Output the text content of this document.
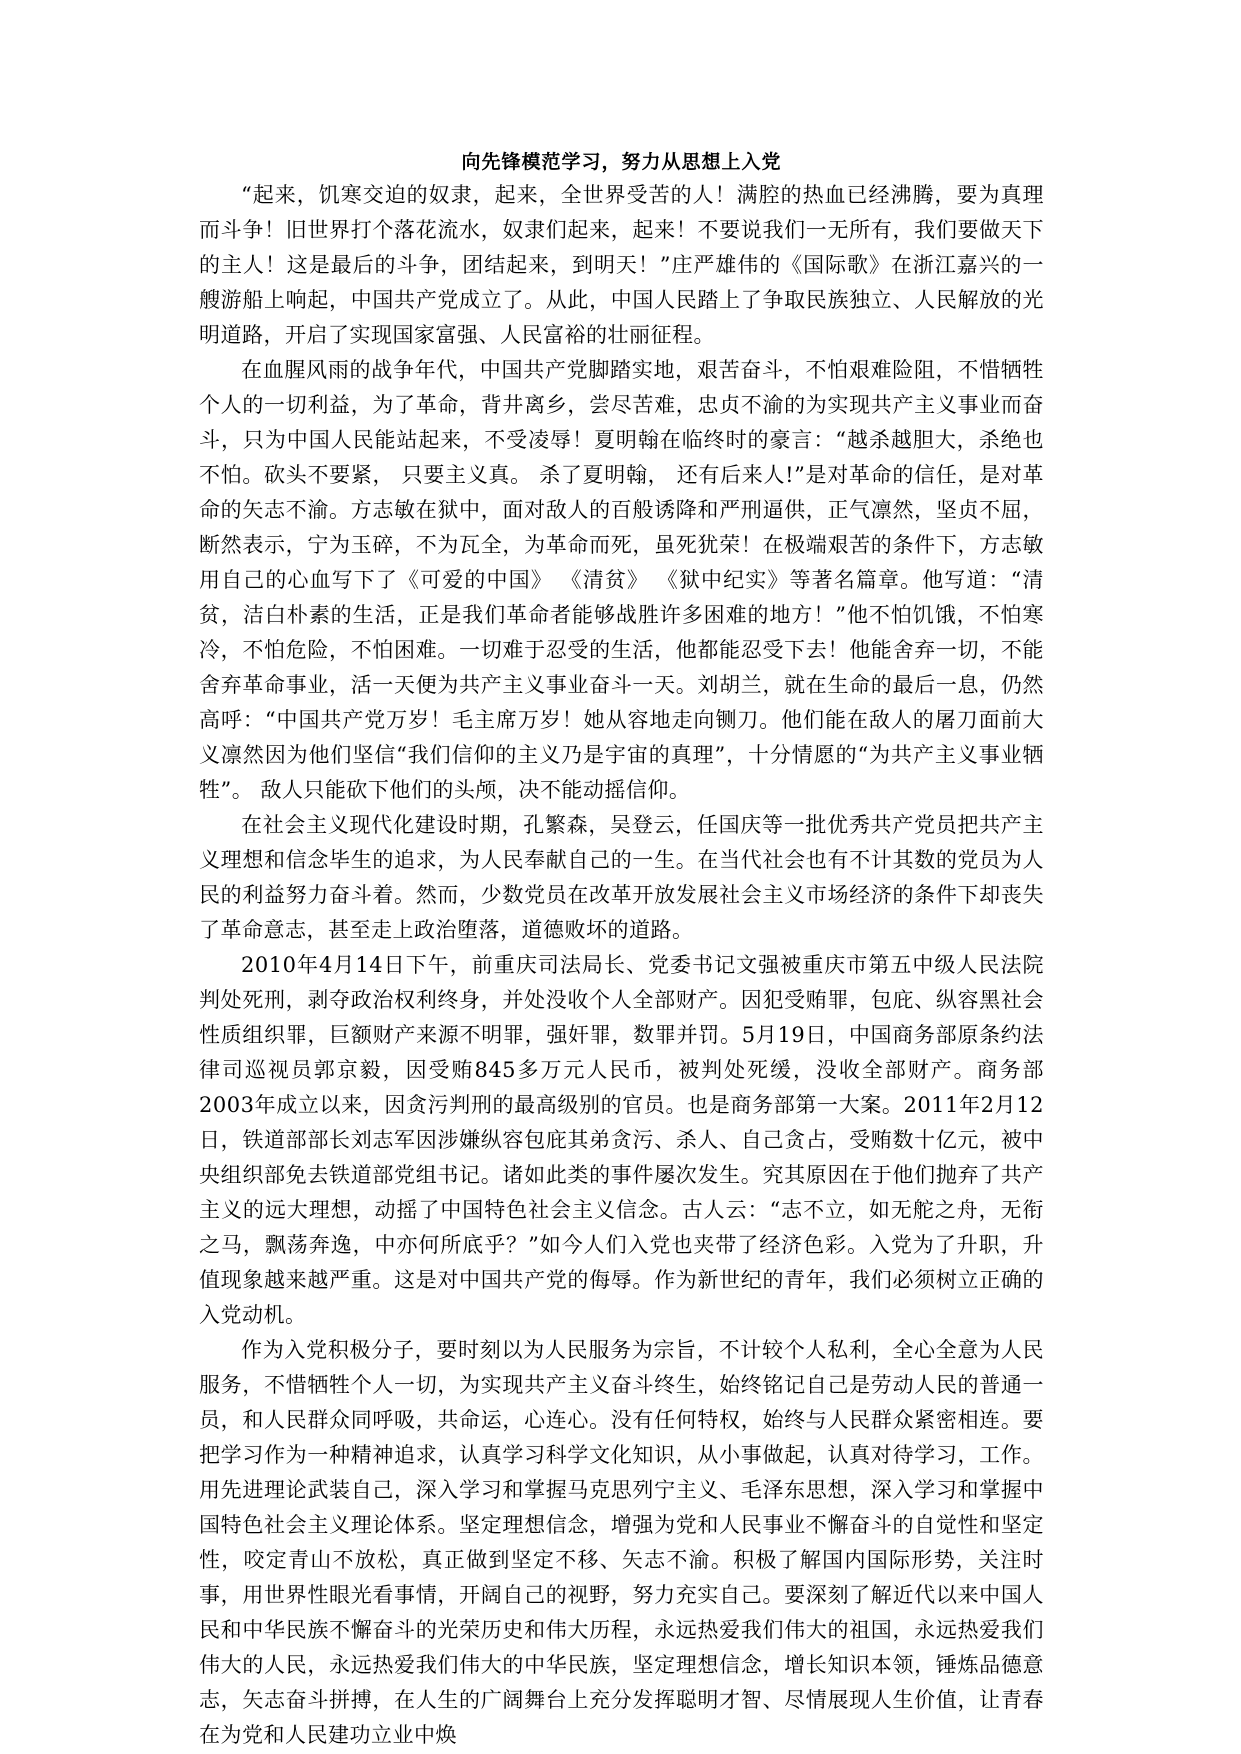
向先锋模范学习，努力从思想上入党

“起来，饥寒交迫的奴隶，起来，全世界受苦的人！满腔的热血已经沸腾，要为真理而斗争！旧世界打个落花流水，奴隶们起来，起来！不要说我们一无所有，我们要做天下的主人！这是最后的斗争，团结起来，到明天！”庄严雄伟的《国际歌》在浙江嘉兴的一艘游船上响起，中国共产党成立了。从此，中国人民踏上了争取民族独立、人民解放的光明道路，开启了实现国家富强、人民富裕的壮丽征程。

在血腥风雨的战争年代，中国共产党脚踏实地，艰苦奋斗，不怕艰难险阻，不惜牺牲个人的一切利益，为了革命，背井离乡，尝尽苦难，忠贞不渝的为实现共产主义事业而奋斗，只为中国人民能站起来，不受凌辱！夏明翰在临终时的豪言：“越杀越胆大，杀绝也不怕。砍头不要紧， 只要主义真。 杀了夏明翰， 还有后来人!”是对革命的信任，是对革命的矢志不渝。方志敏在狱中，面对敌人的百般诱降和严刑逼供，正气凛然，坚贞不屈，断然表示，宁为玉碎，不为瓦全，为革命而死，虽死犹荣！在极端艰苦的条件下，方志敏用自己的心血写下了《可爱的中国》 《清贫》 《狱中纪实》等著名篇章。他写道：“清贫，洁白朴素的生活，正是我们革命者能够战胜许多困难的地方！”他不怕饥饿，不怕寒冷，不怕危险，不怕困难。一切难于忍受的生活，他都能忍受下去！他能舍弃一切，不能舍弃革命事业，活一天便为共产主义事业奋斗一天。刘胡兰，就在生命的最后一息，仍然高呼：“中国共产党万岁！毛主席万岁！她从容地走向铡刀。他们能在敌人的屠刀面前大义凛然因为他们坚信“我们信仰的主义乃是宇宙的真理”，十分情愿的“为共产主义事业牺牲”。 敌人只能砍下他们的头颅，决不能动摇信仰。

在社会主义现代化建设时期，孔繁森，吴登云，任国庆等一批优秀共产党员把共产主义理想和信念毕生的追求，为人民奉献自己的一生。在当代社会也有不计其数的党员为人民的利益努力奋斗着。然而，少数党员在改革开放发展社会主义市场经济的条件下却丧失了革命意志，甚至走上政治堕落，道德败坏的道路。

2010年4月14日下午，前重庆司法局长、党委书记文强被重庆市第五中级人民法院判处死刑，剥夺政治权利终身，并处没收个人全部财产。因犯受贿罪，包庇、纵容黑社会性质组织罪，巨额财产来源不明罪，强奸罪，数罪并罚。5月19日，中国商务部原条约法律司巡视员郭京毅，因受贿845多万元人民币，被判处死缓，没收全部财产。商务部2003年成立以来，因贪污判刑的最高级别的官员。也是商务部第一大案。2011年2月12日，铁道部部长刘志军因涉嫌纵容包庇其弟贪污、杀人、自己贪占，受贿数十亿元，被中央组织部免去铁道部党组书记。诸如此类的事件屡次发生。究其原因在于他们抛弃了共产主义的远大理想，动摇了中国特色社会主义信念。古人云：“志不立，如无舵之舟，无衔之马，飘荡奔逸，中亦何所底乎？”如今人们入党也夹带了经济色彩。入党为了升职，升值现象越来越严重。这是对中国共产党的侮辱。作为新世纪的青年，我们必须树立正确的入党动机。

作为入党积极分子，要时刻以为人民服务为宗旨，不计较个人私利，全心全意为人民服务，不惜牺牲个人一切，为实现共产主义奋斗终生，始终铭记自己是劳动人民的普通一员，和人民群众同呼吸，共命运，心连心。没有任何特权，始终与人民群众紧密相连。要把学习作为一种精神追求，认真学习科学文化知识，从小事做起，认真对待学习，工作。用先进理论武装自己，深入学习和掌握马克思列宁主义、毛泽东思想，深入学习和掌握中国特色社会主义理论体系。坚定理想信念，增强为党和人民事业不懈奋斗的自觉性和坚定性，咬定青山不放松，真正做到坚定不移、矢志不渝。积极了解国内国际形势，关注时事，用世界性眼光看事情，开阔自己的视野，努力充实自己。要深刻了解近代以来中国人民和中华民族不懈奋斗的光荣历史和伟大历程，永远热爱我们伟大的祖国，永远热爱我们伟大的人民，永远热爱我们伟大的中华民族，坚定理想信念，增长知识本领，锤炼品德意志，矢志奋斗拼搏，在人生的广阔舞台上充分发挥聪明才智、尽情展现人生价值，让青春在为党和人民建功立业中焕
